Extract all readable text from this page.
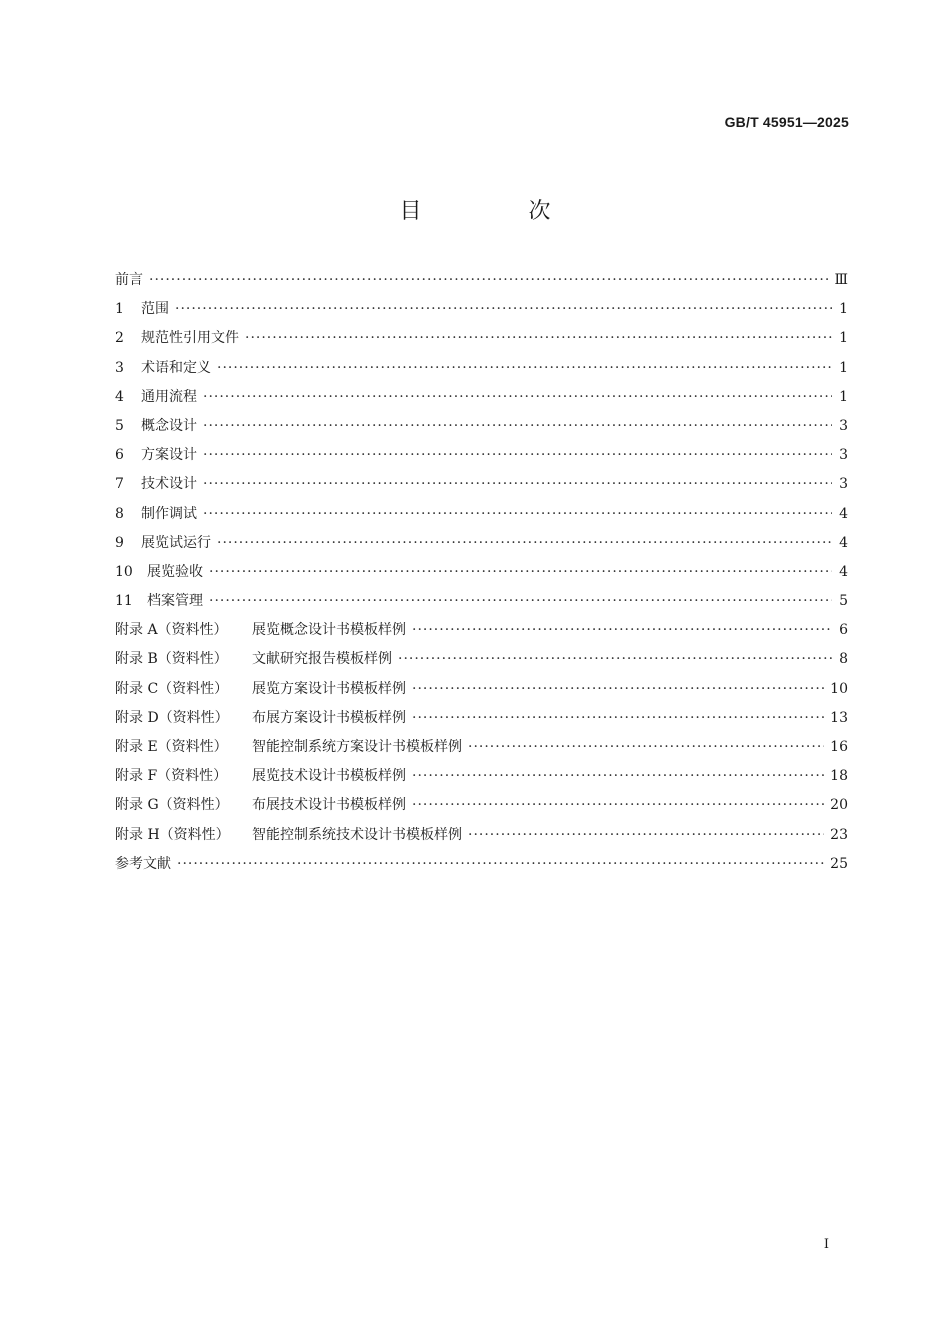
GB/T 45951—2025
目 次
前言 ·····	Ⅲ
1	范围 ·····	1
2	规范性引用文件 ·····	1
3	术语和定义 ·····	1
4	通用流程 ·····	1
5	概念设计 ·····	3
6	方案设计 ·····	3
7	技术设计 ·····	3
8	制作调试 ·····	4
9	展览试运行 ·····	4
10	展览验收 ·····	4
11	档案管理 ·····	5
附录 A（资料性）	展览概念设计书模板样例 ·····	6
附录 B（资料性）	文献研究报告模板样例 ·····	8
附录 C（资料性）	展览方案设计书模板样例 ·····	10
附录 D（资料性）	布展方案设计书模板样例 ·····	13
附录 E（资料性）	智能控制系统方案设计书模板样例 ·····	16
附录 F（资料性）	展览技术设计书模板样例 ·····	18
附录 G（资料性）	布展技术设计书模板样例 ·····	20
附录 H（资料性）	智能控制系统技术设计书模板样例 ·····	23
参考文献 ·····	25
Ⅰ
